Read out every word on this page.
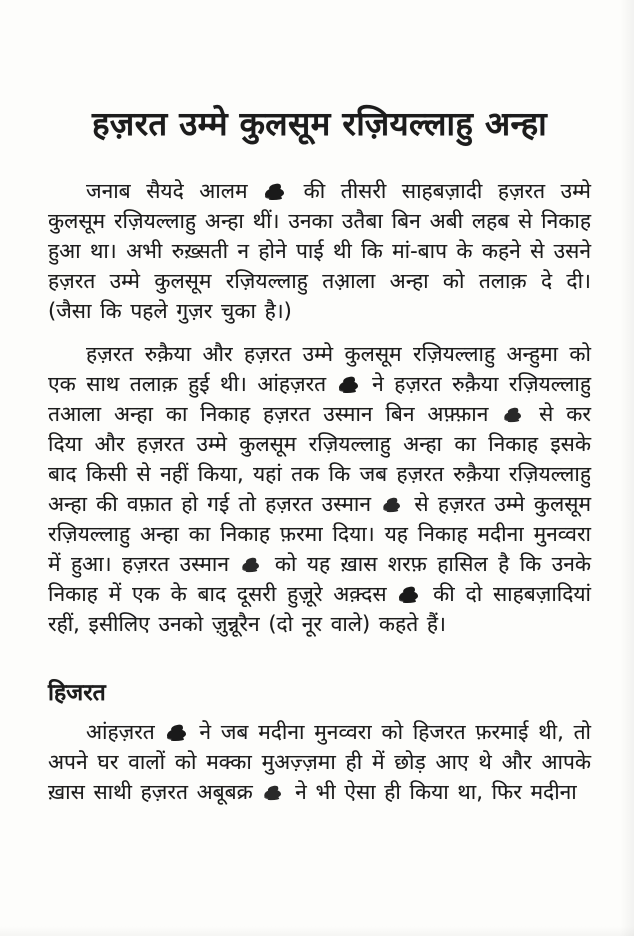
हज़रत उम्मे कुलसूम रज़ियल्लाहु अन्हा

जनाब सैयदे आलम  की तीसरी साहबज़ादी हज़रत उम्मे कुलसूम रज़ियल्लाहु अन्हा थीं। उनका उतैबा बिन अबी लहब से निकाह हुआ था। अभी रुख़्सती न होने पाई थी कि मां-बाप के कहने से उसने हज़रत उम्मे कुलसूम रज़ियल्लाहु तआ़ला अन्हा को तलाक़ दे दी। (जैसा कि पहले गुज़र चुका है।)

हज़रत रुक़ैया और हज़रत उम्मे कुलसूम रज़ियल्लाहु अन्हुमा को एक साथ तलाक़ हुई थी। आंहज़रत  ने हज़रत रुक़ैया रज़ियल्लाहु तआला अन्हा का निकाह हज़रत उस्मान बिन अफ़्फ़ान  से कर दिया और हज़रत उम्मे कुलसूम रज़ियल्लाहु अन्हा का निकाह इसके बाद किसी से नहीं किया, यहां तक कि जब हज़रत रुक़ैया रज़ियल्लाहु अन्हा की वफ़ात हो गई तो हज़रत उस्मान  से हज़रत उम्मे कुलसूम रज़ियल्लाहु अन्हा का निकाह फ़रमा दिया। यह निकाह मदीना मुनव्वरा में हुआ। हज़रत उस्मान  को यह ख़ास शरफ़ हासिल है कि उनके निकाह में एक के बाद दूसरी हुज़ूरे अक़्दस  की दो साहबज़ादियां रहीं, इसीलिए उनको ज़ुन्नूरैन (दो नूर वाले) कहते हैं।

हिजरत

आंहज़रत  ने जब मदीना मुनव्वरा को हिजरत फ़रमाई थी, तो अपने घर वालों को मक्का मुअज़्ज़मा ही में छोड़ आए थे और आपके ख़ास साथी हज़रत अबूबक्र  ने भी ऐसा ही किया था, फिर मदीना
